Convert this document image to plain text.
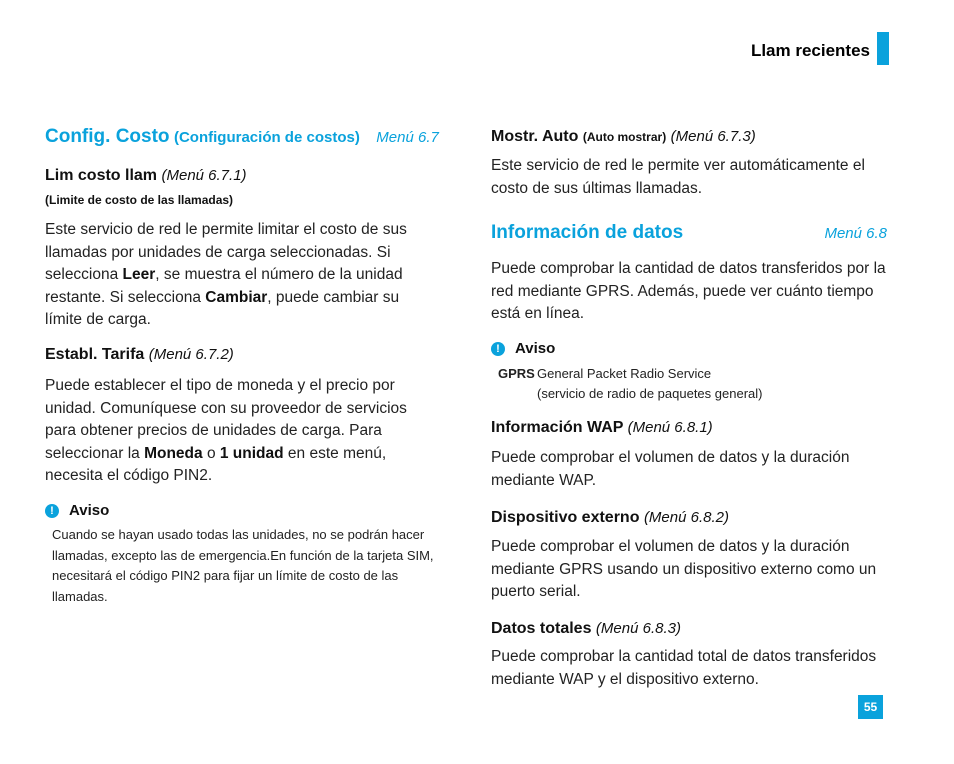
Llam recientes
Config. Costo (Configuración de costos) Menú 6.7
Lim costo llam (Menú 6.7.1)
(Limite de costo de las llamadas)
Este servicio de red le permite limitar el costo de sus llamadas por unidades de carga seleccionadas. Si selecciona Leer, se muestra el número de la unidad restante. Si selecciona Cambiar, puede cambiar su límite de carga.
Establ. Tarifa (Menú 6.7.2)
Puede establecer el tipo de moneda y el precio por unidad. Comuníquese con su proveedor de servicios para obtener precios de unidades de carga. Para seleccionar la Moneda o 1 unidad en este menú, necesita el código PIN2.
! Aviso
Cuando se hayan usado todas las unidades, no se podrán hacer llamadas, excepto las de emergencia.En función de la tarjeta SIM, necesitará el código PIN2 para fijar un límite de costo de las llamadas.
Mostr. Auto (Auto mostrar) (Menú 6.7.3)
Este servicio de red le permite ver automáticamente el costo de sus últimas llamadas.
Información de datos	Menú 6.8
Puede comprobar la cantidad de datos transferidos por la red mediante GPRS. Además, puede ver cuánto tiempo está en línea.
! Aviso
GPRS General Packet Radio Service
(servicio de radio de paquetes general)
Información WAP (Menú 6.8.1)
Puede comprobar el volumen de datos y la duración mediante WAP.
Dispositivo externo (Menú 6.8.2)
Puede comprobar el volumen de datos y la duración mediante GPRS usando un dispositivo externo como un puerto serial.
Datos totales (Menú 6.8.3)
Puede comprobar la cantidad total de datos transferidos mediante WAP y el dispositivo externo.
55
